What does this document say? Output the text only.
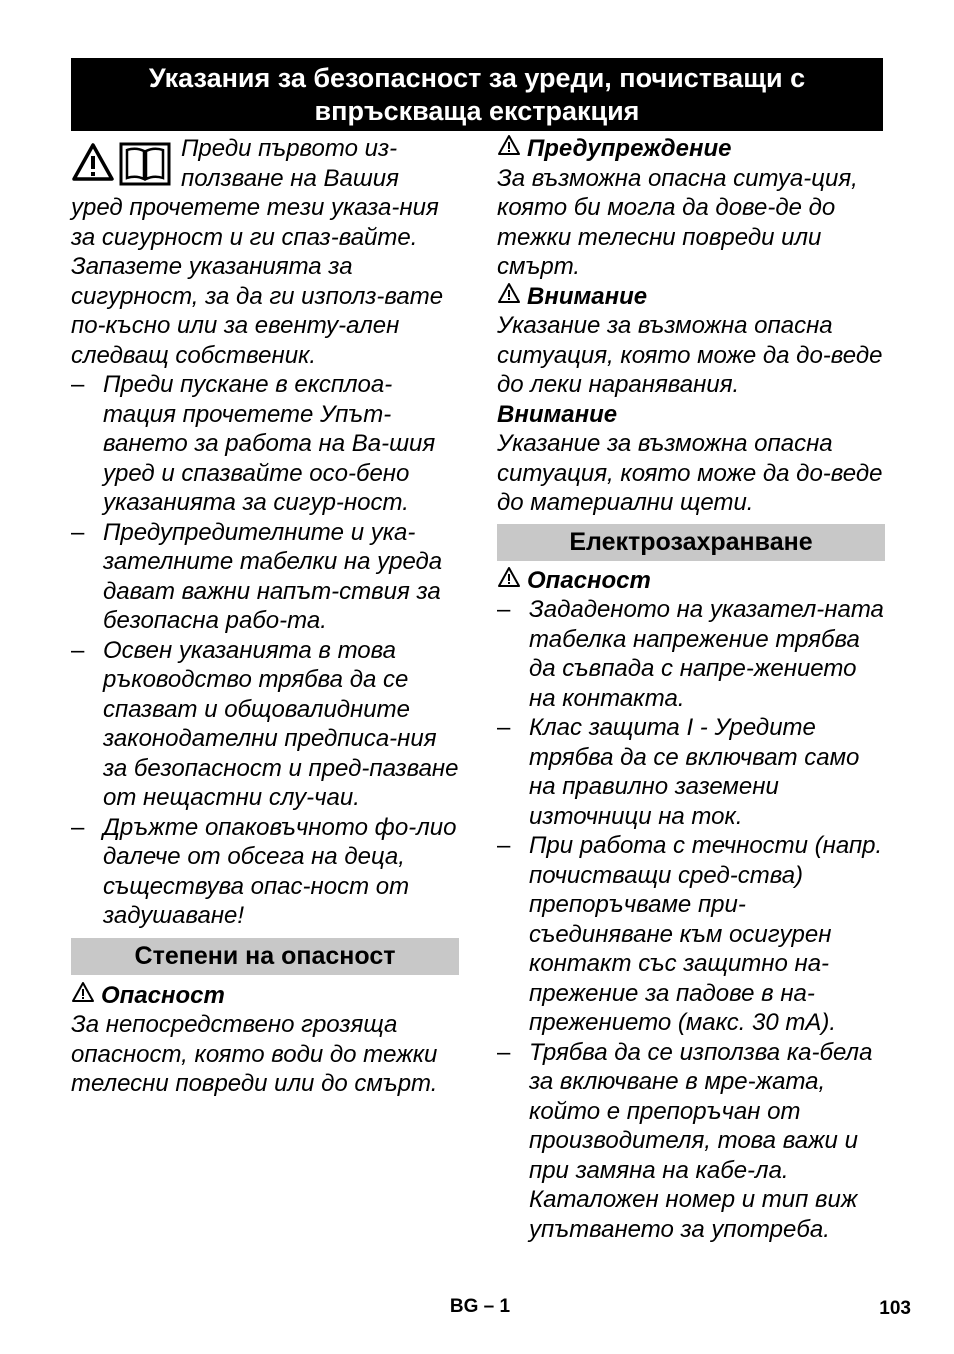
Указания за безопасност за уреди, почистващи с
впръскваща екстракция

Преди първото из-

ползване на Вашия

уред прочетете тези указа-ния за сигурност и ги спаз-вайте. Запазете указанията за сигурност, за да ги използ-вате по-късно или за евенту-ален следващ собственик.

– Преди пускане в експлоа-тация прочетете Упът-ването за работа на Ва-шия уред и спазвайте осо-бено указанията за сигур-ност.
– Предупредителните и ука-зателните табелки на уреда дават важни напът-ствия за безопасна рабо-та.
– Освен указанията в това ръководство трябва да се спазват и общовалидните законодателни предписа-ния за безопасност и пред-пазване от нещастни слу-чаи.
– Дръжте опаковъчното фо-лио далече от обсега на деца, съществува опас-ност от задушаване!
Степени на опасност
Опасност

За непосредствено грозяща опасност, която води до тежки телесни повреди или до смърт.

Предупреждение

За възможна опасна ситуа-ция, която би могла да дове-де до тежки телесни повреди или смърт.

Внимание

Указание за възможна опасна ситуация, която може да до-веде до леки наранявания.

Внимание

Указание за възможна опасна ситуация, която може да до-веде до материални щети.

Електрозахранване
Опасност
– Зададеното на указател-ната табелка напрежение трябва да съвпада с напре-жението на контакта.
– Клас защита I - Уредите трябва да се включват само на правилно заземени източници на ток.
– При работа с течности (напр. почистващи сред-ства) препоръчваме при-съединяване към осигурен контакт със защитно на-прежение за падове в на-прежението (макс. 30 mA).
– Трябва да се използва ка-бела за включване в мре-жата, който е препоръчан от производителя, това важи и при замяна на кабе-ла. Каталожен номер и тип виж упътването за употреба.
BG – 1	103
